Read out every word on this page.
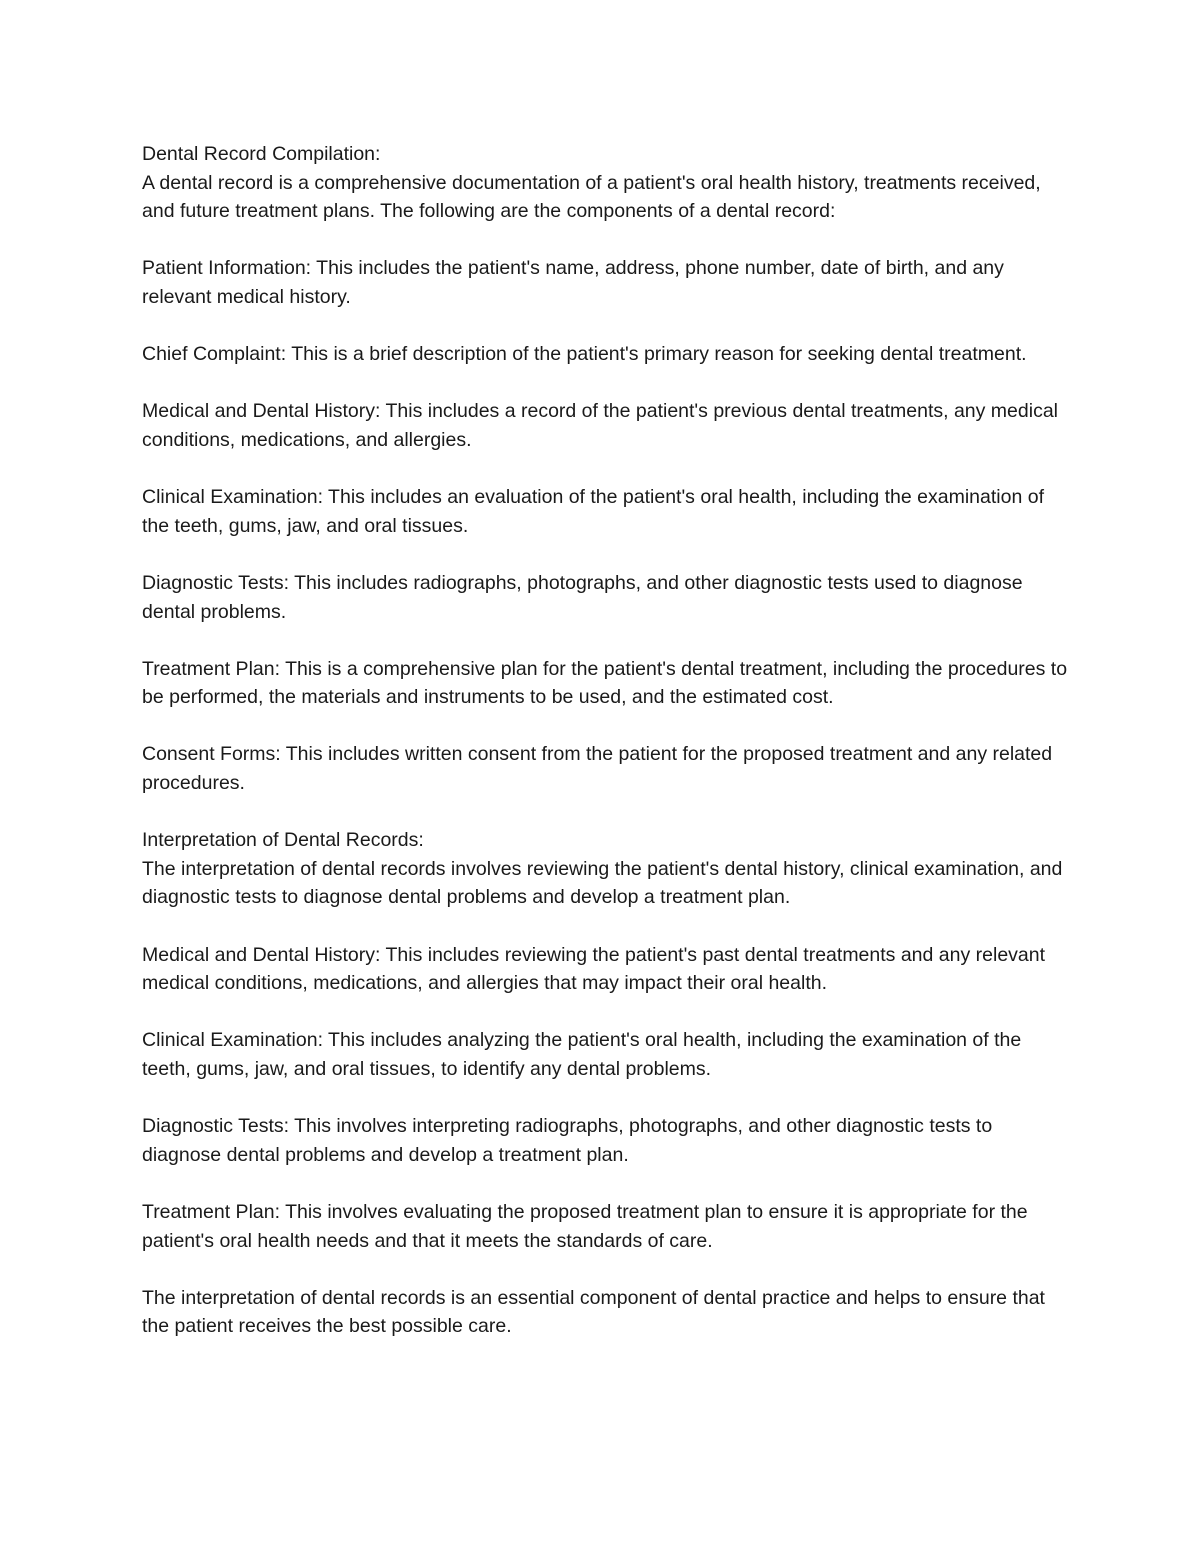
Dental Record Compilation:

A dental record is a comprehensive documentation of a patient's oral health history, treatments received, and future treatment plans. The following are the components of a dental record:

Patient Information: This includes the patient's name, address, phone number, date of birth, and any relevant medical history.

Chief Complaint: This is a brief description of the patient's primary reason for seeking dental treatment.

Medical and Dental History: This includes a record of the patient's previous dental treatments, any medical conditions, medications, and allergies.

Clinical Examination: This includes an evaluation of the patient's oral health, including the examination of the teeth, gums, jaw, and oral tissues.

Diagnostic Tests: This includes radiographs, photographs, and other diagnostic tests used to diagnose dental problems.

Treatment Plan: This is a comprehensive plan for the patient's dental treatment, including the procedures to be performed, the materials and instruments to be used, and the estimated cost.

Consent Forms: This includes written consent from the patient for the proposed treatment and any related procedures.

Interpretation of Dental Records:

The interpretation of dental records involves reviewing the patient's dental history, clinical examination, and diagnostic tests to diagnose dental problems and develop a treatment plan.

Medical and Dental History: This includes reviewing the patient's past dental treatments and any relevant medical conditions, medications, and allergies that may impact their oral health.

Clinical Examination: This includes analyzing the patient's oral health, including the examination of the teeth, gums, jaw, and oral tissues, to identify any dental problems.

Diagnostic Tests: This involves interpreting radiographs, photographs, and other diagnostic tests to diagnose dental problems and develop a treatment plan.

Treatment Plan: This involves evaluating the proposed treatment plan to ensure it is appropriate for the patient's oral health needs and that it meets the standards of care.

The interpretation of dental records is an essential component of dental practice and helps to ensure that the patient receives the best possible care.
